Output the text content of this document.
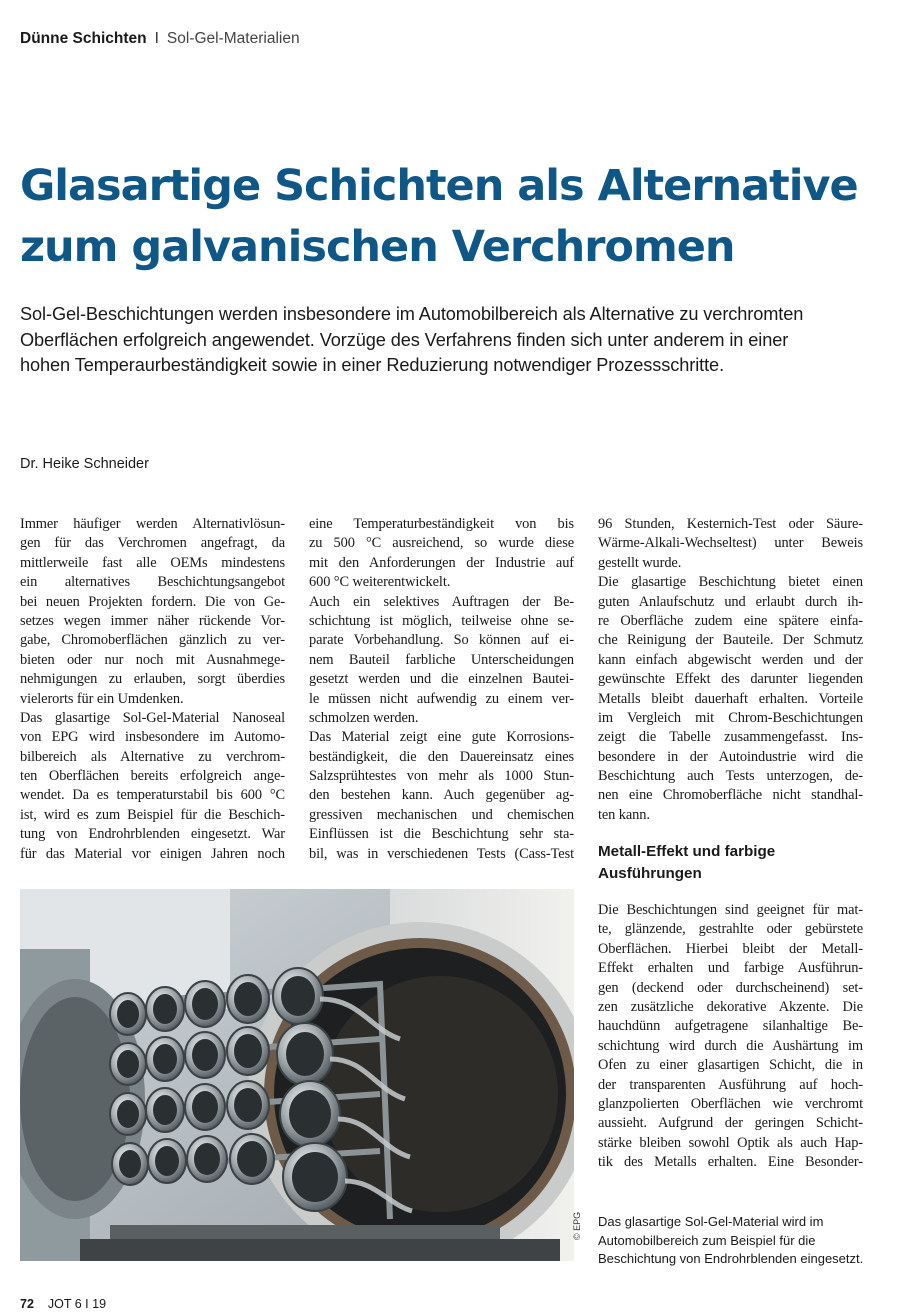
Dünne Schichten I Sol-Gel-Materialien
Glasartige Schichten als Alternative
zum galvanischen Verchromen

Sol-Gel-Beschichtungen werden insbesondere im Automobilbereich als Alternative zu verchromten
Oberflächen erfolgreich angewendet. Vorzüge des Verfahrens finden sich unter anderem in einer
hohen Temperaurbeständigkeit sowie in einer Reduzierung notwendiger Prozessschritte.

Dr. Heike Schneider
Immer häufiger werden Alternativlösun-
gen für das Verchromen angefragt, da
mittlerweile fast alle OEMs mindestens
ein alternatives Beschichtungsangebot
bei neuen Projekten fordern. Die von Ge-
setzes wegen immer näher rückende Vor-
gabe, Chromoberflächen gänzlich zu ver-
bieten oder nur noch mit Ausnahmege-
nehmigungen zu erlauben, sorgt überdies
vielerorts für ein Umdenken.
Das glasartige Sol-Gel-Material Nanoseal
von EPG wird insbesondere im Automo-
bilbereich als Alternative zu verchrom-
ten Oberflächen bereits erfolgreich ange-
wendet. Da es temperaturstabil bis 600 °C
ist, wird es zum Beispiel für die Beschich-
tung von Endrohrblenden eingesetzt. War
für das Material vor einigen Jahren noch
eine Temperaturbeständigkeit von bis
zu 500 °C ausreichend, so wurde diese
mit den Anforderungen der Industrie auf
600 °C weiterentwickelt.
Auch ein selektives Auftragen der Be-
schichtung ist möglich, teilweise ohne se-
parate Vorbehandlung. So können auf ei-
nem Bauteil farbliche Unterscheidungen
gesetzt werden und die einzelnen Bautei-
le müssen nicht aufwendig zu einem ver-
schmolzen werden.
Das Material zeigt eine gute Korrosions-
beständigkeit, die den Dauereinsatz eines
Salzsprühtestes von mehr als 1000 Stun-
den bestehen kann. Auch gegenüber ag-
gressiven mechanischen und chemischen
Einflüssen ist die Beschichtung sehr sta-
bil, was in verschiedenen Tests (Cass-Test
96 Stunden, Kesternich-Test oder Säure-
Wärme-Alkali-Wechseltest) unter Beweis
gestellt wurde.
Die glasartige Beschichtung bietet einen
guten Anlaufschutz und erlaubt durch ih-
re Oberfläche zudem eine spätere einfa-
che Reinigung der Bauteile. Der Schmutz
kann einfach abgewischt werden und der
gewünschte Effekt des darunter liegenden
Metalls bleibt dauerhaft erhalten. Vorteile
im Vergleich mit Chrom-Beschichtungen
zeigt die Tabelle zusammengefasst. Ins-
besondere in der Autoindustrie wird die
Beschichtung auch Tests unterzogen, de-
nen eine Chromoberfläche nicht standhal-
ten kann.
Metall-Effekt und farbige
Ausführungen
Die Beschichtungen sind geeignet für mat-
te, glänzende, gestrahlte oder gebürstete
Oberflächen. Hierbei bleibt der Metall-
Effekt erhalten und farbige Ausführun-
gen (deckend oder durchscheinend) set-
zen zusätzliche dekorative Akzente. Die
hauchdünn aufgetragene silanhaltige Be-
schichtung wird durch die Aushärtung im
Ofen zu einer glasartigen Schicht, die in
der transparenten Ausführung auf hoch-
glanzpolierten Oberflächen wie verchromt
aussieht. Aufgrund der geringen Schicht-
stärke bleiben sowohl Optik als auch Hap-
tik des Metalls erhalten. Eine Besonder-
© EPG Das glasartige Sol-Gel-Material wird im
Automobilbereich zum Beispiel für die
Beschichtung von Endrohrblenden eingesetzt.
72 JOT 6 I 19
